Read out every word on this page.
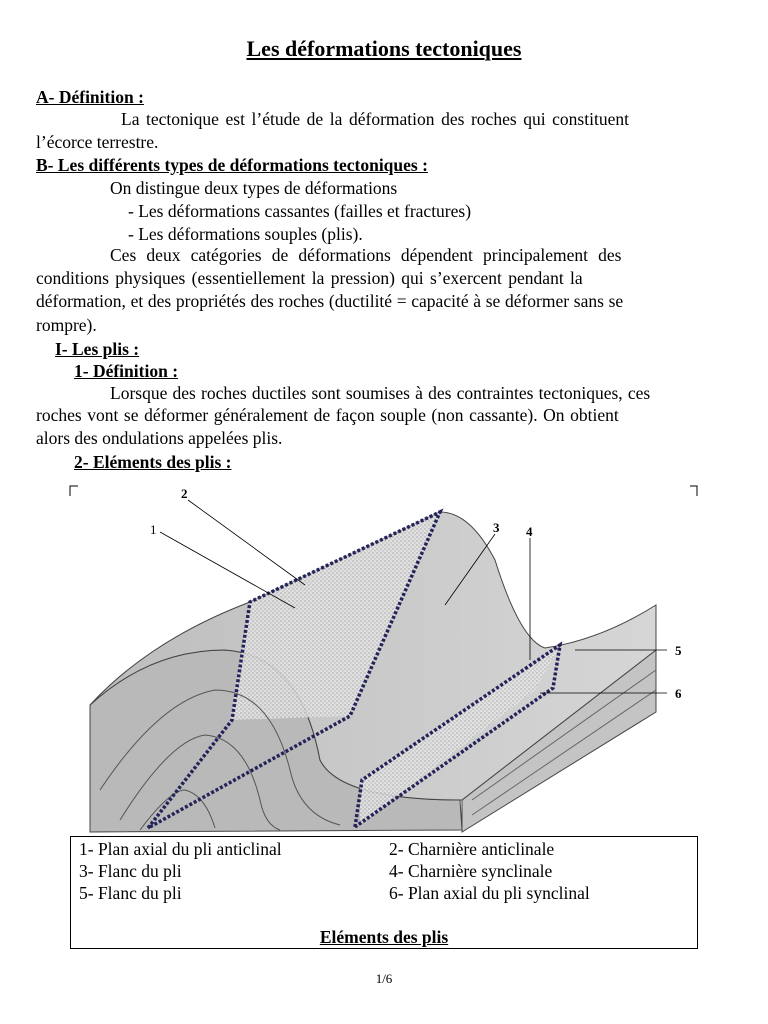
Les déformations tectoniques
A- Définition :
La tectonique est l’étude de la déformation des roches qui constituent
l’écorce terrestre.
B- Les différents types de déformations tectoniques :
On distingue deux types de déformations
- Les déformations cassantes (failles et fractures)
- Les déformations souples (plis).
Ces deux catégories de déformations dépendent principalement des
conditions physiques (essentiellement la pression) qui s’exercent pendant la
déformation, et des propriétés des roches (ductilité = capacité à se déformer sans se
rompre).
I- Les plis :
1- Définition :
Lorsque des roches ductiles sont soumises à des contraintes tectoniques, ces
roches vont se déformer généralement de façon souple (non cassante). On obtient
alors des ondulations appelées plis.
2- Eléments des plis :
1
2
3 4
5
6
1- Plan axial du pli anticlinal	2- Charnière anticlinale
3- Flanc du pli	4- Charnière synclinale
5- Flanc du pli	6- Plan axial du pli synclinal
Eléments des plis
1/6
